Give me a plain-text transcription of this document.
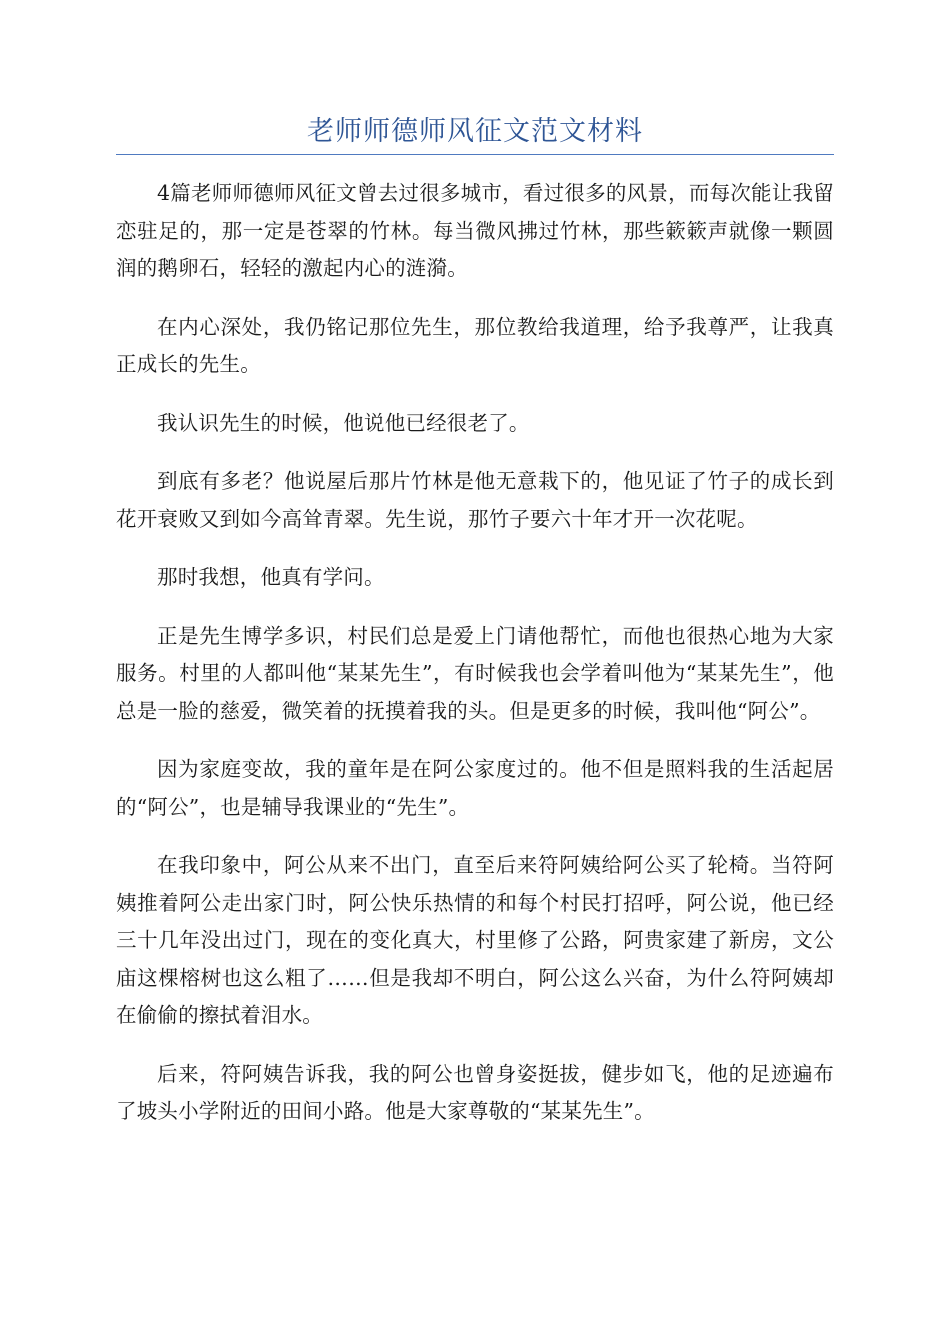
老师师德师风征文范文材料

4篇老师师德师风征文曾去过很多城市，看过很多的风景，而每次能让我留恋驻足的，那一定是苍翠的竹林。每当微风拂过竹林，那些簌簌声就像一颗圆润的鹅卵石，轻轻的激起内心的涟漪。

在内心深处，我仍铭记那位先生，那位教给我道理，给予我尊严，让我真正成长的先生。

我认识先生的时候，他说他已经很老了。

到底有多老？他说屋后那片竹林是他无意栽下的，他见证了竹子的成长到花开衰败又到如今高耸青翠。先生说，那竹子要六十年才开一次花呢。

那时我想，他真有学问。

正是先生博学多识，村民们总是爱上门请他帮忙，而他也很热心地为大家服务。村里的人都叫他“某某先生”，有时候我也会学着叫他为“某某先生”，他总是一脸的慈爱，微笑着的抚摸着我的头。但是更多的时候，我叫他“阿公”。

因为家庭变故，我的童年是在阿公家度过的。他不但是照料我的生活起居的“阿公”，也是辅导我课业的“先生”。

在我印象中，阿公从来不出门，直至后来符阿姨给阿公买了轮椅。当符阿姨推着阿公走出家门时，阿公快乐热情的和每个村民打招呼，阿公说，他已经三十几年没出过门，现在的变化真大，村里修了公路，阿贵家建了新房，文公庙这棵榕树也这么粗了……但是我却不明白，阿公这么兴奋，为什么符阿姨却在偷偷的擦拭着泪水。

后来，符阿姨告诉我，我的阿公也曾身姿挺拔，健步如飞，他的足迹遍布了坡头小学附近的田间小路。他是大家尊敬的“某某先生”。
